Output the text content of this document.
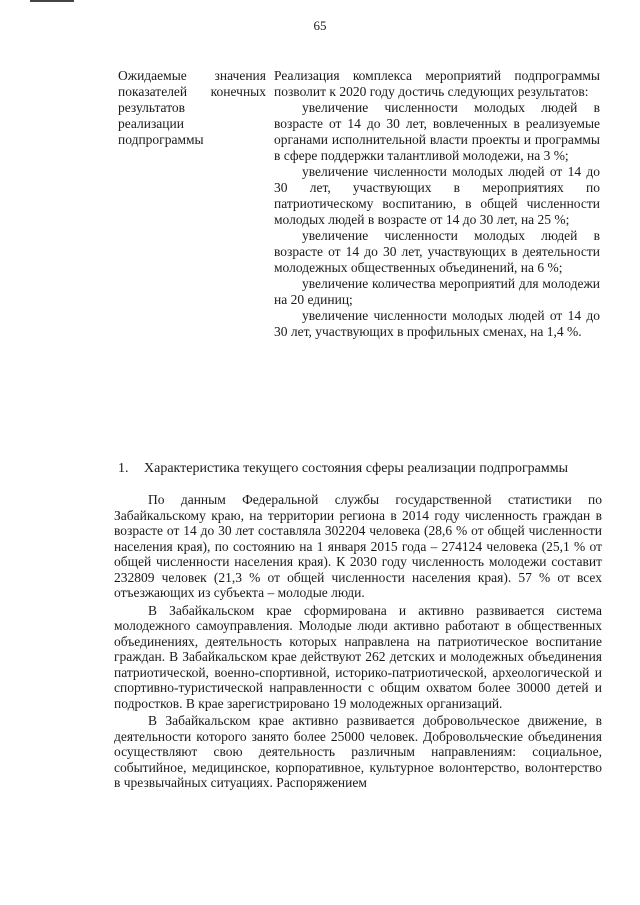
65
Ожидаемые значения
показателей конечных
результатов
реализации
подпрограммы

Реализация комплекса мероприятий подпрограммы позволит к 2020 году достичь следующих результатов:

увеличение численности молодых людей в возрасте от 14 до 30 лет, вовлеченных в реализуемые органами исполнительной власти проекты и программы в сфере поддержки талантливой молодежи, на 3 %;

увеличение численности молодых людей от 14 до 30 лет, участвующих в мероприятиях по патриотическому воспитанию, в общей численности молодых людей в возрасте от 14 до 30 лет, на 25 %;

увеличение численности молодых людей в возрасте от 14 до 30 лет, участвующих в деятельности молодежных общественных объединений, на 6 %;

увеличение количества мероприятий для молодежи на 20 единиц;

увеличение численности молодых людей от 14 до 30 лет, участвующих в профильных сменах, на 1,4 %.

1. Характеристика текущего состояния сферы реализации подпрограммы

По данным Федеральной службы государственной статистики по Забайкальскому краю, на территории региона в 2014 году численность граждан в возрасте от 14 до 30 лет составляла 302204 человека (28,6 % от общей численности населения края), по состоянию на 1 января 2015 года – 274124 человека (25,1 % от общей численности населения края). К 2030 году численность молодежи составит 232809 человек (21,3 % от общей численности населения края). 57 % от всех отъезжающих из субъекта – молодые люди.

В Забайкальском крае сформирована и активно развивается система молодежного самоуправления. Молодые люди активно работают в общественных объединениях, деятельность которых направлена на патриотическое воспитание граждан. В Забайкальском крае действуют 262 детских и молодежных объединения патриотической, военно-спортивной, историко-патриотической, археологической и спортивно-туристической направленности с общим охватом более 30000 детей и подростков. В крае зарегистрировано 19 молодежных организаций.

В Забайкальском крае активно развивается добровольческое движение, в деятельности которого занято более 25000 человек. Добровольческие объединения осуществляют свою деятельность различным направлениям: социальное, событийное, медицинское, корпоративное, культурное волонтерство, волонтерство в чрезвычайных ситуациях. Распоряжением
